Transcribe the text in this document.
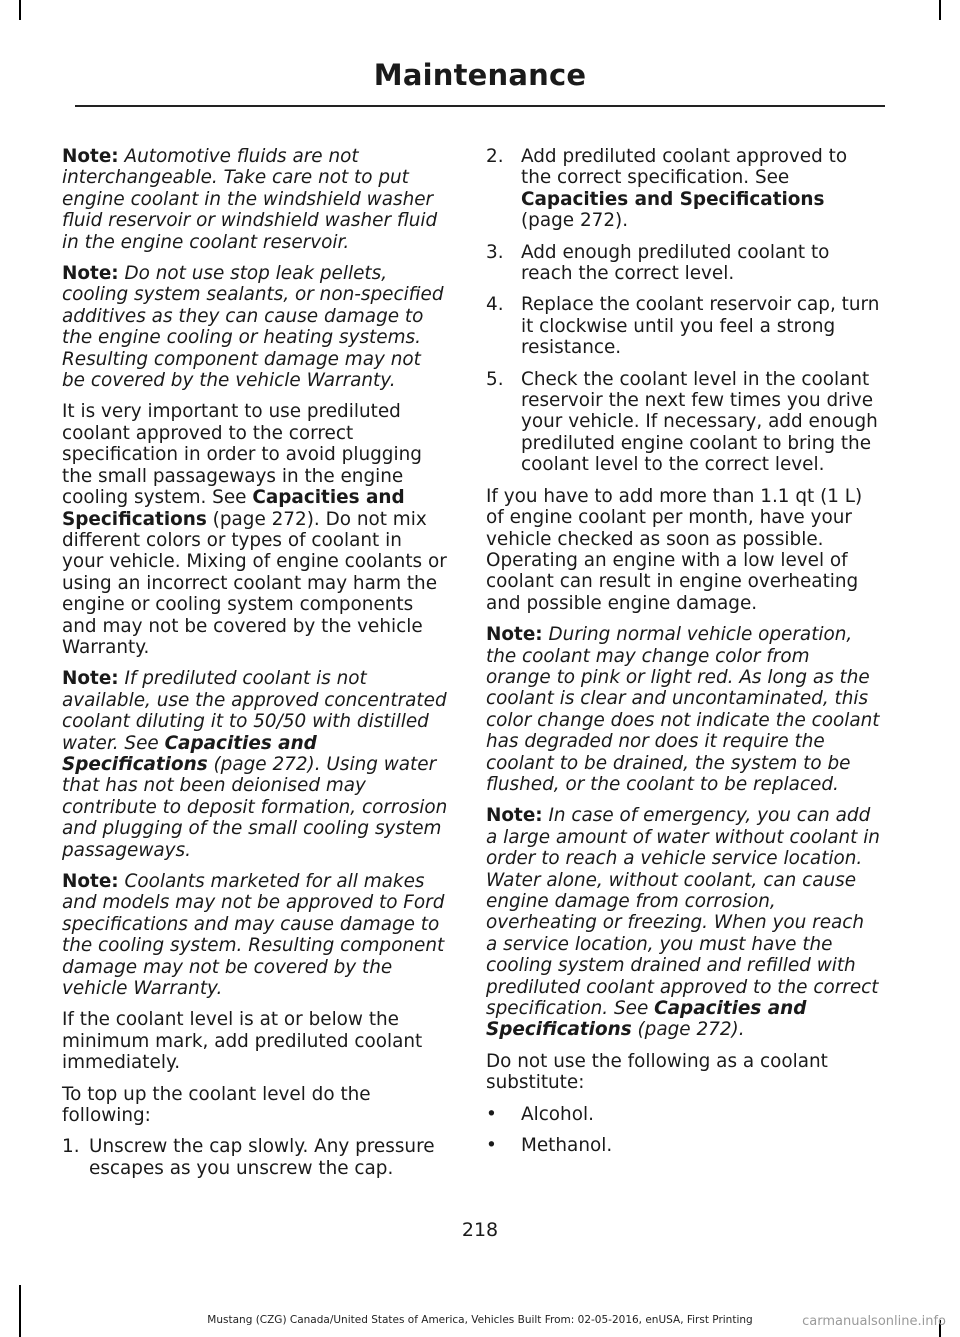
Maintenance

Note: Automotive fluids are not interchangeable. Take care not to put engine coolant in the windshield washer fluid reservoir or windshield washer fluid in the engine coolant reservoir.

Note: Do not use stop leak pellets, cooling system sealants, or non-specified additives as they can cause damage to the engine cooling or heating systems. Resulting component damage may not be covered by the vehicle Warranty.

It is very important to use prediluted coolant approved to the correct specification in order to avoid plugging the small passageways in the engine cooling system. See Capacities and Specifications (page 272). Do not mix different colors or types of coolant in your vehicle. Mixing of engine coolants or using an incorrect coolant may harm the engine or cooling system components and may not be covered by the vehicle Warranty.

Note: If prediluted coolant is not available, use the approved concentrated coolant diluting it to 50/50 with distilled water. See Capacities and Specifications (page 272). Using water that has not been deionised may contribute to deposit formation, corrosion and plugging of the small cooling system passageways.

Note: Coolants marketed for all makes and models may not be approved to Ford specifications and may cause damage to the cooling system. Resulting component damage may not be covered by the vehicle Warranty.

If the coolant level is at or below the minimum mark, add prediluted coolant immediately.

To top up the coolant level do the following:

1. Unscrew the cap slowly. Any pressure escapes as you unscrew the cap.
2. Add prediluted coolant approved to the correct specification. See Capacities and Specifications (page 272).
3. Add enough prediluted coolant to reach the correct level.
4. Replace the coolant reservoir cap, turn it clockwise until you feel a strong resistance.
5. Check the coolant level in the coolant reservoir the next few times you drive your vehicle. If necessary, add enough prediluted engine coolant to bring the coolant level to the correct level.

If you have to add more than 1.1 qt (1 L) of engine coolant per month, have your vehicle checked as soon as possible. Operating an engine with a low level of coolant can result in engine overheating and possible engine damage.

Note: During normal vehicle operation, the coolant may change color from orange to pink or light red. As long as the coolant is clear and uncontaminated, this color change does not indicate the coolant has degraded nor does it require the coolant to be drained, the system to be flushed, or the coolant to be replaced.

Note: In case of emergency, you can add a large amount of water without coolant in order to reach a vehicle service location. Water alone, without coolant, can cause engine damage from corrosion, overheating or freezing. When you reach a service location, you must have the cooling system drained and refilled with prediluted coolant approved to the correct specification. See Capacities and Specifications (page 272).

Do not use the following as a coolant substitute:

•	Alcohol.
•	Methanol.
218
Mustang (CZG) Canada/United States of America, Vehicles Built From: 02-05-2016, enUSA, First Printing	carmanualsonline.info
